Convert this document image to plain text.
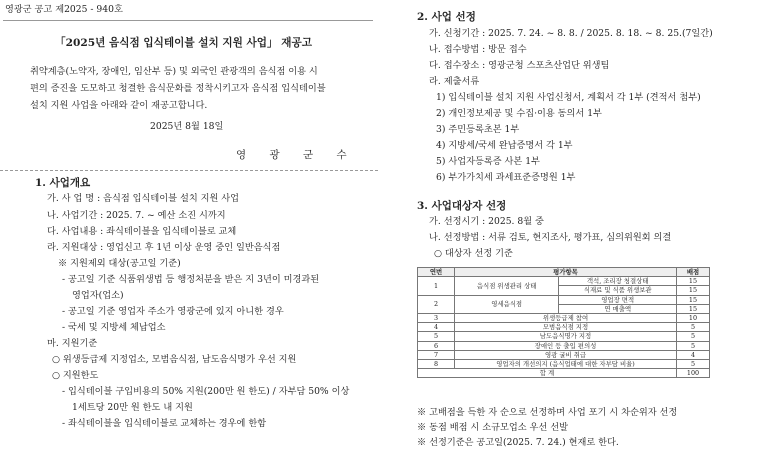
영광군 공고 제2025 - 940호
「2025년 음식점 입식테이블 설치 지원 사업」 재공고
취약계층(노약자, 장애인, 임산부 등) 및 외국인 관광객의 음식점 이용 시
편의 증진을 도모하고 청결한 음식문화를 정착시키고자 음식점 입식테이블
설치 지원 사업을 아래와 같이 재공고합니다.
2025년 8월 18일
영 광 군 수
1. 사업개요
가. 사 업 명 : 음식점 입식테이블 설치 지원 사업
나. 사업기간 : 2025. 7. ~ 예산 소진 시까지
다. 사업내용 : 좌식테이블을 입식테이블로 교체
라. 지원대상 : 영업신고 후 1년 이상 운영 중인 일반음식점
※ 지원제외 대상(공고일 기준)
- 공고일 기준 식품위생법 등 행정처분을 받은 지 3년이 미경과된
영업자(업소)
- 공고일 기준 영업자 주소가 영광군에 있지 아니한 경우
- 국세 및 지방세 체납업소
마. 지원기준
○ 위생등급제 지정업소, 모범음식점, 남도음식명가 우선 지원
○ 지원한도
- 입식테이블 구입비용의 50% 지원(200만 원 한도) / 자부담 50% 이상
1세트당 20만 원 한도 내 지원
- 좌식테이블을 입식테이블로 교체하는 경우에 한함
2. 사업 선정
가. 신청기간 : 2025. 7. 24. ~ 8. 8. / 2025. 8. 18. ~ 8. 25.(7일간)
나. 접수방법 : 방문 접수
다. 접수장소 : 영광군청 스포츠산업단 위생팀
라. 제출서류
1) 입식테이블 설치 지원 사업신청서, 계획서 각 1부 (견적서 첨부)
2) 개인정보제공 및 수집·이용 동의서 1부
3) 주민등록초본 1부
4) 지방세/국세 완납증명서 각 1부
5) 사업자등록증 사본 1부
6) 부가가치세 과세표준증명원 1부
3. 사업대상자 선정
가. 선정시기 : 2025. 8월 중
나. 선정방법 : 서류 검토, 현지조사, 평가표, 심의위원회 의결
○ 대상자 선정 기준
※ 고배점을 득한 자 순으로 선정하며 사업 포기 시 차순위자 선정
※ 동점 배점 시 소규모업소 우선 선발
※ 선정기준은 공고일(2025. 7. 24.) 현재로 한다.
연번	평가항목		배점
1	음식점 위생관리 상태	객석, 조리장 청결상태	15
		식재료 및 식품 위생보관	15
2	영세음식점	영업장 면적	15
		연 매출액	15
3	위생등급제 참여		10
4	모범음식점 지정		5
5	남도음식명가 지정		5
6	장애인 등 출입 편의성		5
7	영광 굴비 취급		4
8	영업자의 개선의지 (음식업태에 대한 자부담 비율)		5
합 계			100
